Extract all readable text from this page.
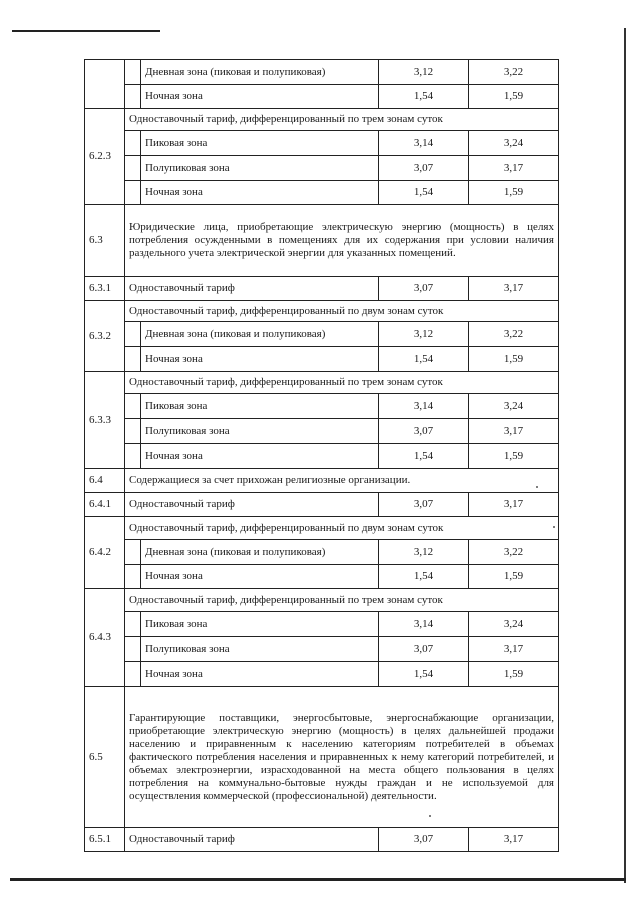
		Дневная зона (пиковая и полупиковая)	3,12	3,22
		Ночная зона	1,54	1,59
6.2.3	Одноставочный тариф, дифференцированный по трем зонам суток			
		Пиковая зона	3,14	3,24
		Полупиковая зона	3,07	3,17
		Ночная зона	1,54	1,59
6.3	Юридические лица, приобретающие электрическую энергию (мощность) в целях потребления осужденными в помещениях для их содержания при условии наличия раздельного учета электрической энергии для указанных помещений.			
6.3.1	Одноставочный тариф		3,07	3,17
6.3.2	Одноставочный тариф, дифференцированный по двум зонам суток			
		Дневная зона (пиковая и полупиковая)	3,12	3,22
		Ночная зона	1,54	1,59
6.3.3	Одноставочный тариф, дифференцированный по трем зонам суток			
		Пиковая зона	3,14	3,24
		Полупиковая зона	3,07	3,17
		Ночная зона	1,54	1,59
6.4	Содержащиеся за счет прихожан религиозные организации.			
6.4.1	Одноставочный тариф		3,07	3,17
6.4.2	Одноставочный тариф, дифференцированный по двум зонам суток			
		Дневная зона (пиковая и полупиковая)	3,12	3,22
		Ночная зона	1,54	1,59
6.4.3	Одноставочный тариф, дифференцированный по трем зонам суток			
		Пиковая зона	3,14	3,24
		Полупиковая зона	3,07	3,17
		Ночная зона	1,54	1,59
6.5	Гарантирующие поставщики, энергосбытовые, энергоснабжающие организации, приобретающие электрическую энергию (мощность) в целях дальнейшей продажи населению и приравненным к населению категориям потребителей в объемах фактического потребления населения и приравненных к нему категорий потребителей, и объемах электроэнергии, израсходованной на места общего пользования в целях потребления на коммунально-бытовые нужды граждан и не используемой для осуществления коммерческой (профессиональной) деятельности.			
6.5.1	Одноставочный тариф		3,07	3,17
